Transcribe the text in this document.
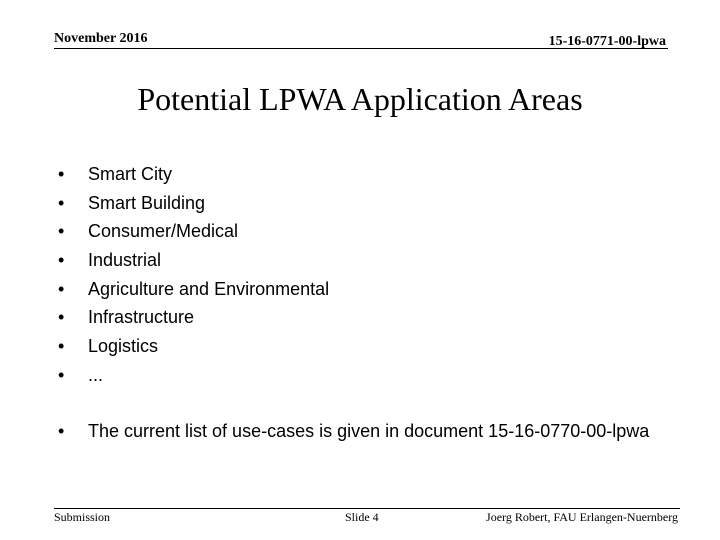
November 2016	15-16-0771-00-lpwa
Potential LPWA Application Areas
• Smart City
• Smart Building
• Consumer/Medical
• Industrial
• Agriculture and Environmental
• Infrastructure
• Logistics
• ...
•	The current list of use-cases is given in document 15-16-0770-00-lpwa
Submission	Slide 4	Joerg Robert, FAU Erlangen-Nuernberg
